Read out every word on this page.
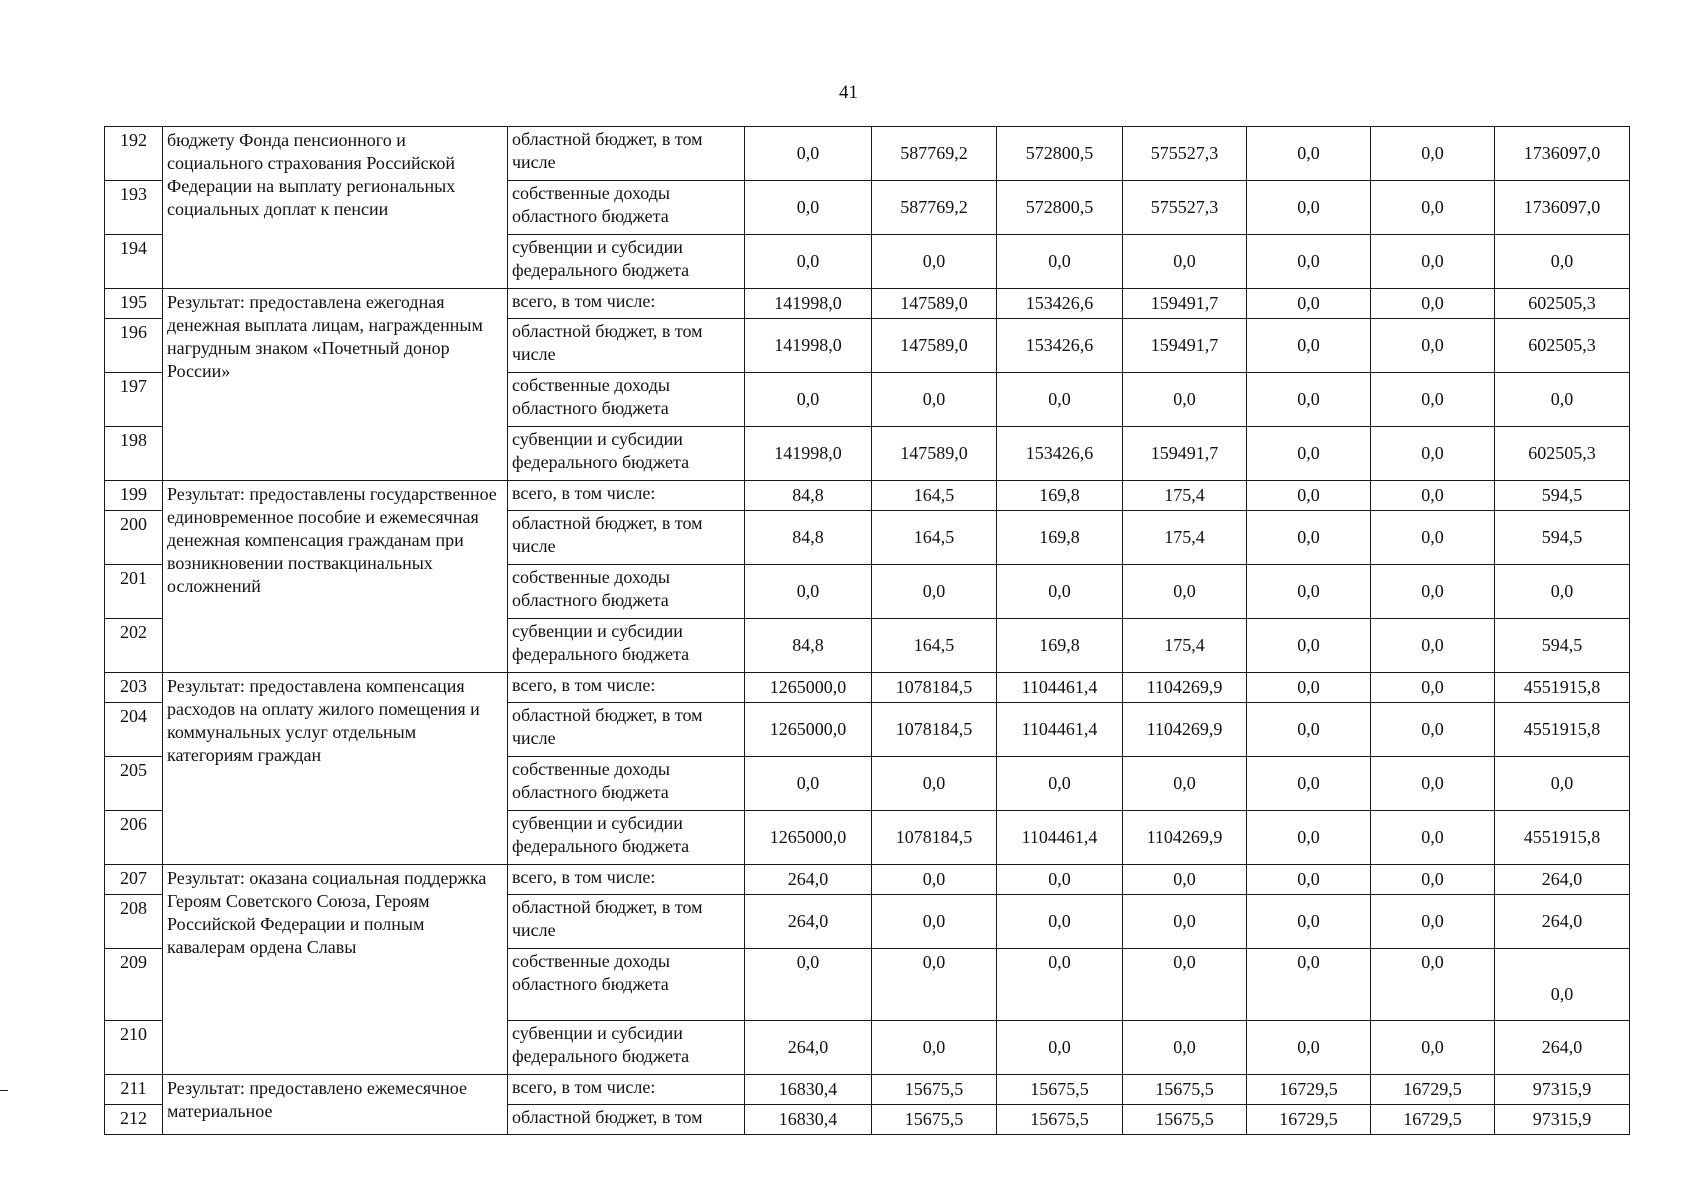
41
192	бюджету Фонда пенсионного и социального страхования Российской Федерации на выплату региональных социальных доплат к пенсии	областной бюджет, в том числе	0,0	587769,2	572800,5	575527,3	0,0	0,0	1736097,0
193		собственные доходы областного бюджета	0,0	587769,2	572800,5	575527,3	0,0	0,0	1736097,0
194		субвенции и субсидии федерального бюджета	0,0	0,0	0,0	0,0	0,0	0,0	0,0
195	Результат: предоставлена ежегодная денежная выплата лицам, награжденным нагрудным знаком «Почетный донор России»	всего, в том числе:	141998,0	147589,0	153426,6	159491,7	0,0	0,0	602505,3
196		областной бюджет, в том числе	141998,0	147589,0	153426,6	159491,7	0,0	0,0	602505,3
197		собственные доходы областного бюджета	0,0	0,0	0,0	0,0	0,0	0,0	0,0
198		субвенции и субсидии федерального бюджета	141998,0	147589,0	153426,6	159491,7	0,0	0,0	602505,3
199	Результат: предоставлены государственное единовременное пособие и ежемесячная денежная компенсация гражданам при возникновении поствакцинальных осложнений	всего, в том числе:	84,8	164,5	169,8	175,4	0,0	0,0	594,5
200		областной бюджет, в том числе	84,8	164,5	169,8	175,4	0,0	0,0	594,5
201		собственные доходы областного бюджета	0,0	0,0	0,0	0,0	0,0	0,0	0,0
202		субвенции и субсидии федерального бюджета	84,8	164,5	169,8	175,4	0,0	0,0	594,5
203	Результат: предоставлена компенсация расходов на оплату жилого помещения и коммунальных услуг отдельным категориям граждан	всего, в том числе:	1265000,0	1078184,5	1104461,4	1104269,9	0,0	0,0	4551915,8
204		областной бюджет, в том числе	1265000,0	1078184,5	1104461,4	1104269,9	0,0	0,0	4551915,8
205		собственные доходы областного бюджета	0,0	0,0	0,0	0,0	0,0	0,0	0,0
206		субвенции и субсидии федерального бюджета	1265000,0	1078184,5	1104461,4	1104269,9	0,0	0,0	4551915,8
207	Результат: оказана социальная поддержка Героям Советского Союза, Героям Российской Федерации и полным кавалерам ордена Славы	всего, в том числе:	264,0	0,0	0,0	0,0	0,0	0,0	264,0
208		областной бюджет, в том числе	264,0	0,0	0,0	0,0	0,0	0,0	264,0
209		собственные доходы областного бюджета	0,0	0,0	0,0	0,0	0,0	0,0	0,0
210		субвенции и субсидии федерального бюджета	264,0	0,0	0,0	0,0	0,0	0,0	264,0
211	Результат: предоставлено ежемесячное материальное	всего, в том числе:	16830,4	15675,5	15675,5	15675,5	16729,5	16729,5	97315,9
212		областной бюджет, в том	16830,4	15675,5	15675,5	15675,5	16729,5	16729,5	97315,9
